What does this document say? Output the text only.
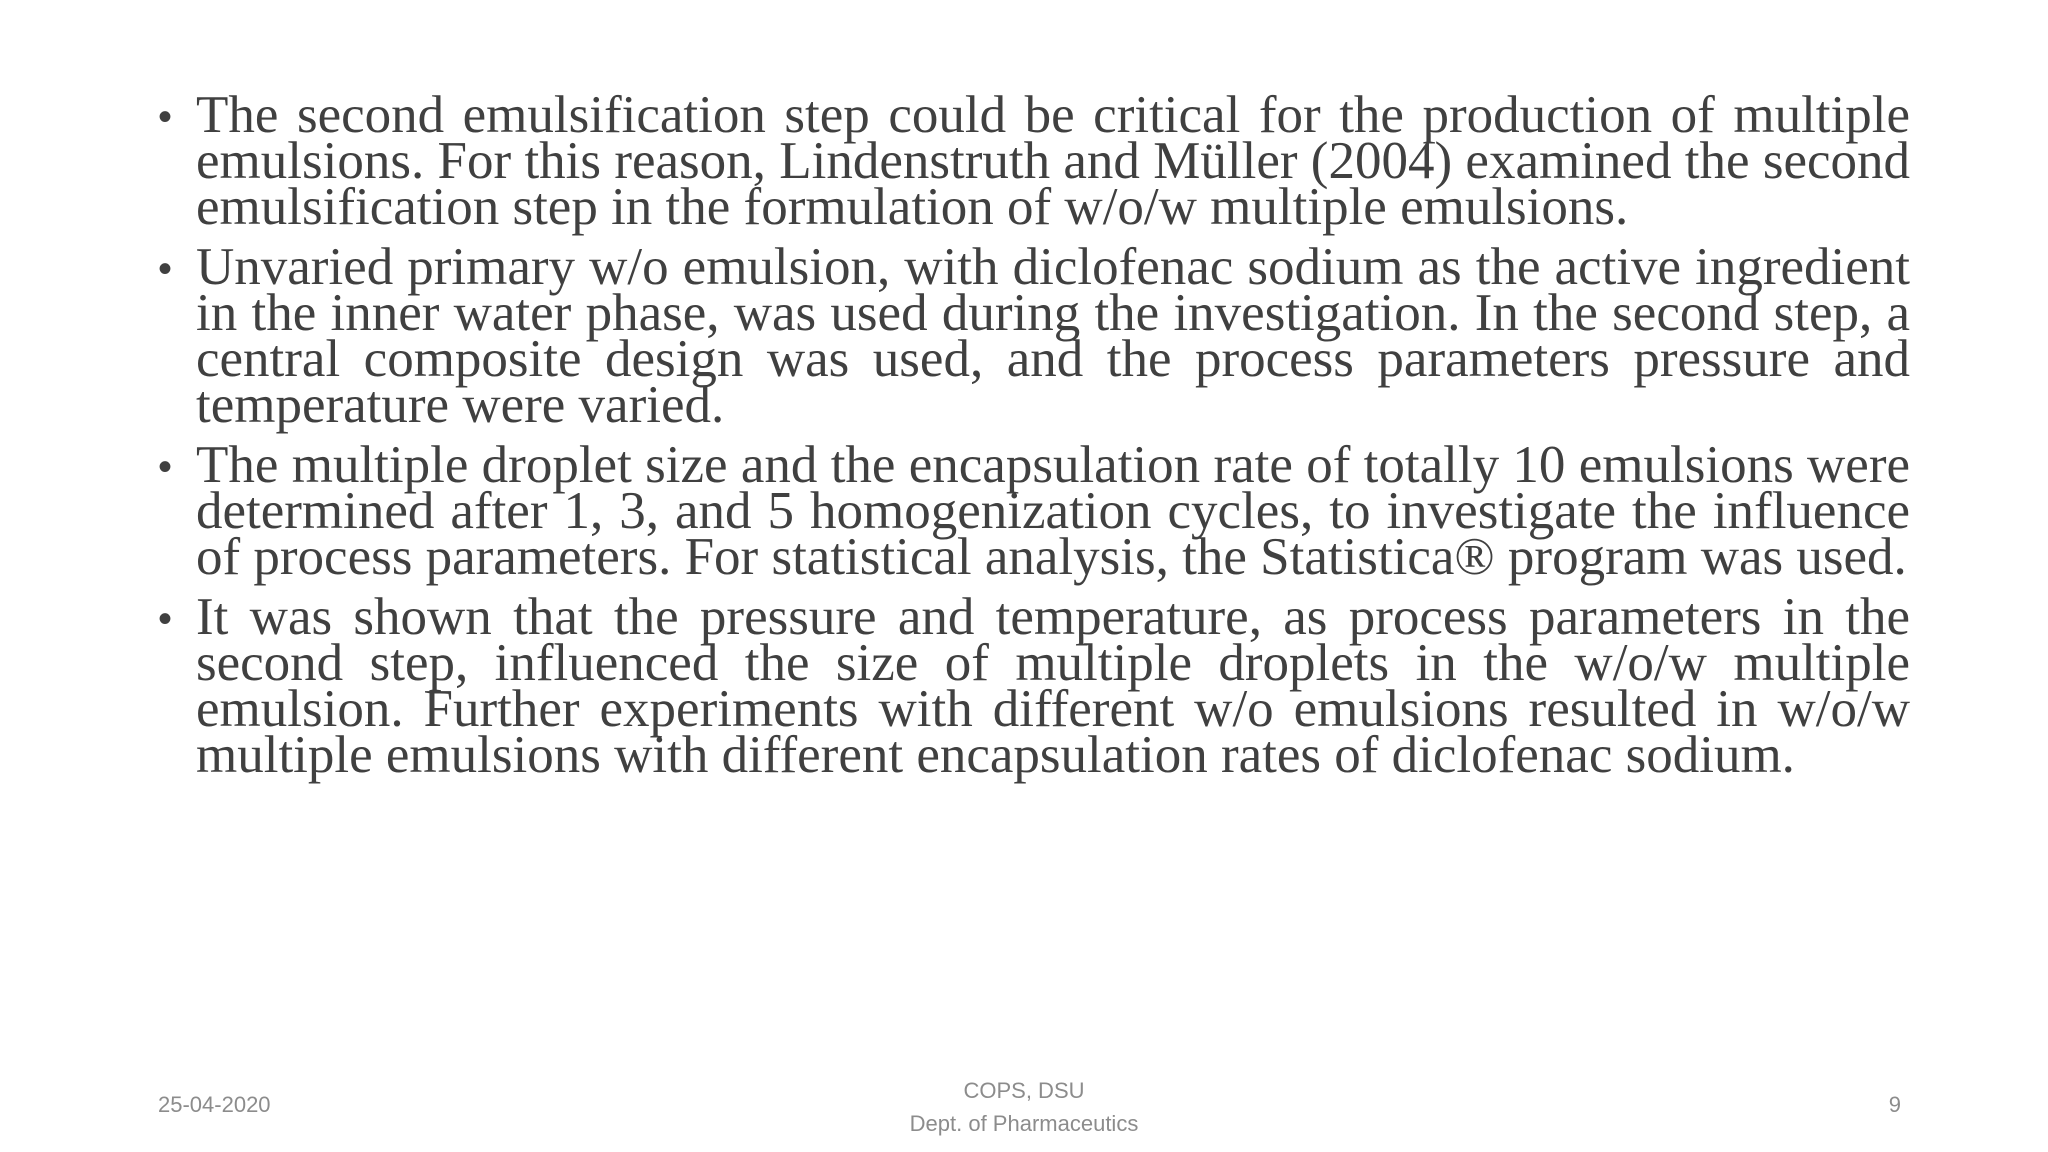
• The second emulsification step could be critical for the production of multiple emulsions. For this reason, Lindenstruth and Müller (2004) examined the second emulsification step in the formulation of w/o/w multiple emulsions.

• Unvaried primary w/o emulsion, with diclofenac sodium as the active ingredient in the inner water phase, was used during the investigation. In the second step, a central composite design was used, and the process parameters pressure and temperature were varied.

• The multiple droplet size and the encapsulation rate of totally 10 emulsions were determined after 1, 3, and 5 homogenization cycles, to investigate the influence of process parameters. For statistical analysis, the Statistica® program was used.

• It was shown that the pressure and temperature, as process parameters in the second step, influenced the size of multiple droplets in the w/o/w multiple emulsion. Further experiments with different w/o emulsions resulted in w/o/w multiple emulsions with different encapsulation rates of diclofenac sodium.

25-04-2020
COPS, DSU
Dept. of Pharmaceutics
9
